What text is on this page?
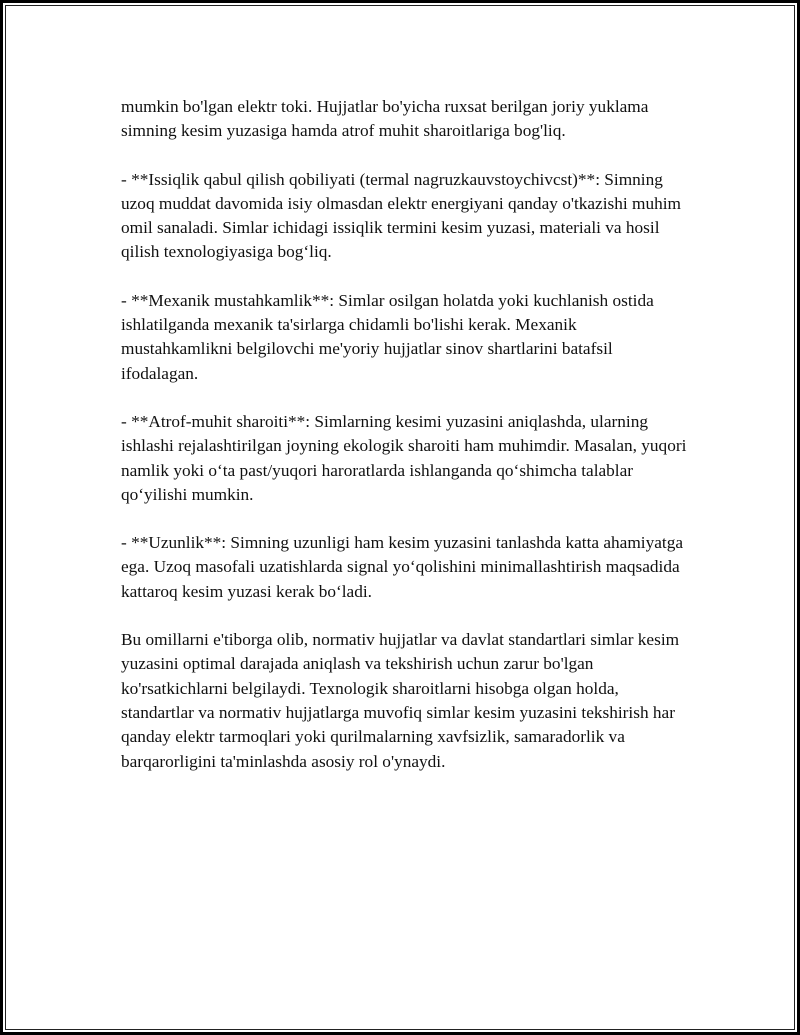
mumkin bo'lgan elektr toki. Hujjatlar bo'yicha ruxsat berilgan joriy yuklama simning kesim yuzasiga hamda atrof muhit sharoitlariga bog'liq.

- **Issiqlik qabul qilish qobiliyati (termal nagruzkauvstoychivcst)**: Simning uzoq muddat davomida isiy olmasdan elektr energiyani qanday o'tkazishi muhim omil sanaladi. Simlar ichidagi issiqlik termini kesim yuzasi, materiali va hosil qilish texnologiyasiga bog‘liq.

- **Mexanik mustahkamlik**: Simlar osilgan holatda yoki kuchlanish ostida ishlatilganda mexanik ta'sirlarga chidamli bo'lishi kerak. Mexanik mustahkamlikni belgilovchi me'yoriy hujjatlar sinov shartlarini batafsil ifodalagan.

- **Atrof-muhit sharoiti**: Simlarning kesimi yuzasini aniqlashda, ularning ishlashi rejalashtirilgan joyning ekologik sharoiti ham muhimdir. Masalan, yuqori namlik yoki o‘ta past/yuqori haroratlarda ishlanganda qo‘shimcha talablar qo‘yilishi mumkin.

- **Uzunlik**: Simning uzunligi ham kesim yuzasini tanlashda katta ahamiyatga ega. Uzoq masofali uzatishlarda signal yo‘qolishini minimallashtirish maqsadida kattaroq kesim yuzasi kerak bo‘ladi.

Bu omillarni e'tiborga olib, normativ hujjatlar va davlat standartlari simlar kesim yuzasini optimal darajada aniqlash va tekshirish uchun zarur bo'lgan ko'rsatkichlarni belgilaydi. Texnologik sharoitlarni hisobga olgan holda, standartlar va normativ hujjatlarga muvofiq simlar kesim yuzasini tekshirish har qanday elektr tarmoqlari yoki qurilmalarning xavfsizlik, samaradorlik va barqarorligini ta'minlashda asosiy rol o'ynaydi.
